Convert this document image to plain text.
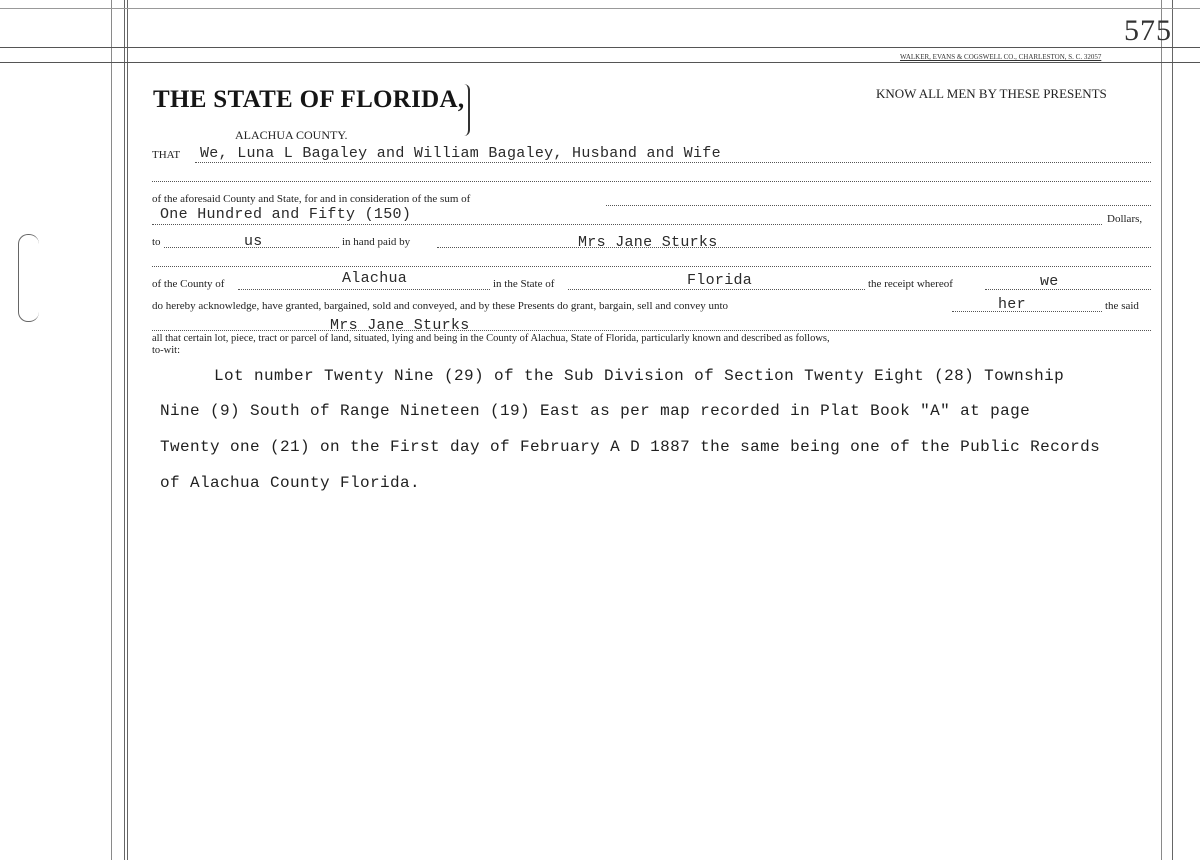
575
WALKER, EVANS & COGSWELL CO., CHARLESTON, S. C. 32057
THE STATE OF FLORIDA,
ALACHUA COUNTY.
KNOW ALL MEN BY THESE PRESENTS
THAT We, Luna L Bagaley and William Bagaley, Husband and Wife
of the aforesaid County and State, for and in consideration of the sum of
One Hundred and Fifty (150)	Dollars,
to	us	in hand paid by	Mrs Jane Sturks
of the County of	Alachua	in the State of	Florida	the receipt whereof	we
do hereby acknowledge, have granted, bargained, sold and conveyed, and by these Presents do grant, bargain, sell and convey unto	her	the said
Mrs Jane Sturks
all that certain lot, piece, tract or parcel of land, situated, lying and being in the County of Alachua, State of Florida, particularly known and described as follows,
to-wit:
Lot number Twenty Nine (29) of the Sub Division of Section Twenty Eight (28) Township
Nine (9) South of Range Nineteen (19) East as per map recorded in Plat Book "A" at page
Twenty one (21) on the First day of February A D 1887 the same being one of the Public Records
of Alachua County Florida.
